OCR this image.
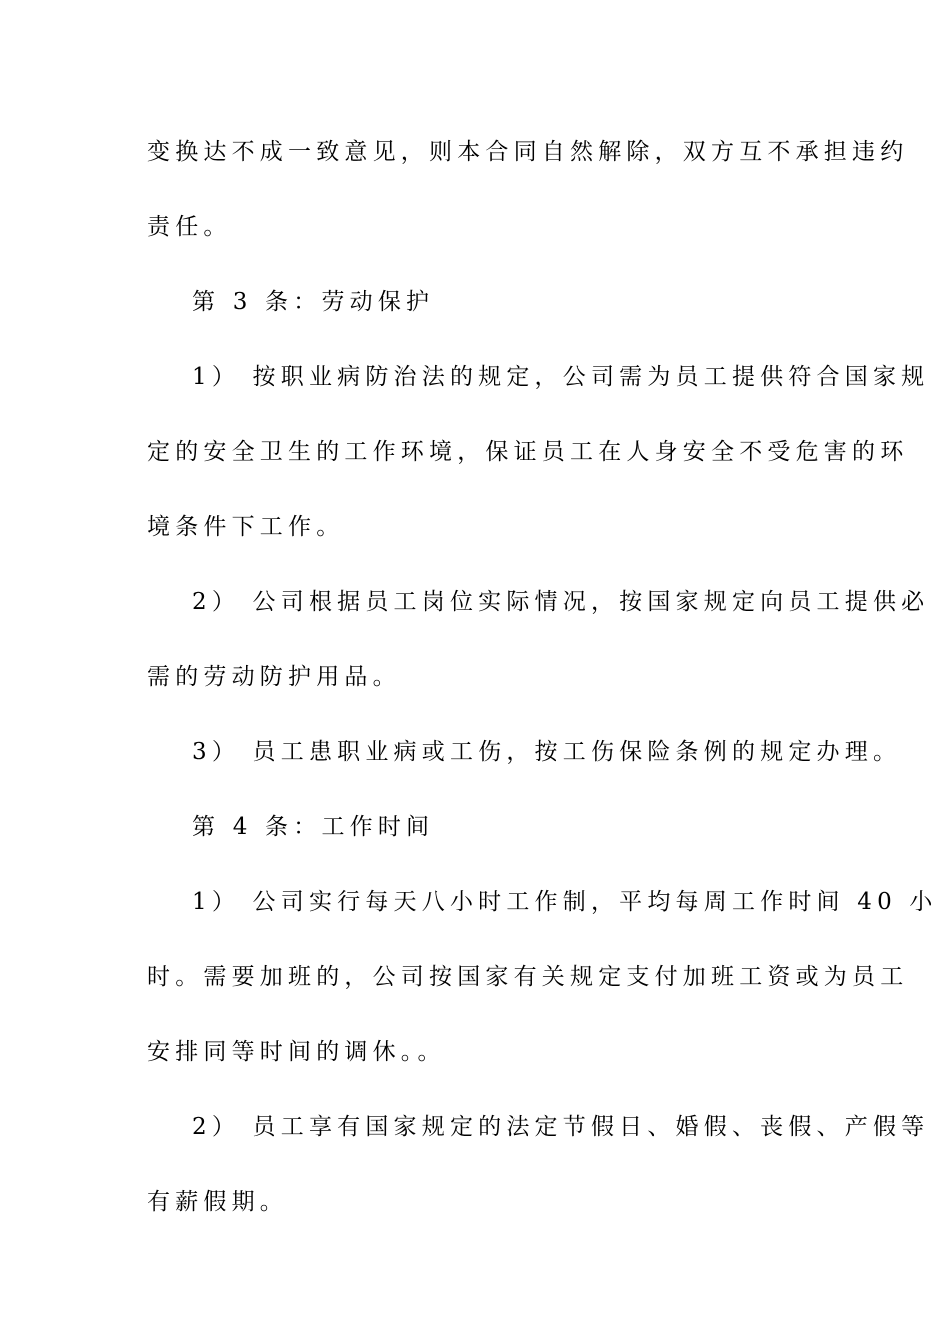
变换达不成一致意见，则本合同自然解除，双方互不承担违约
责任。
第 3 条：劳动保护
1） 按职业病防治法的规定，公司需为员工提供符合国家规
定的安全卫生的工作环境，保证员工在人身安全不受危害的环
境条件下工作。
2） 公司根据员工岗位实际情况，按国家规定向员工提供必
需的劳动防护用品。
3） 员工患职业病或工伤，按工伤保险条例的规定办理。
第 4 条：工作时间
1） 公司实行每天八小时工作制，平均每周工作时间 40 小
时。需要加班的，公司按国家有关规定支付加班工资或为员工
安排同等时间的调休。。
2） 员工享有国家规定的法定节假日、婚假、丧假、产假等
有薪假期。
